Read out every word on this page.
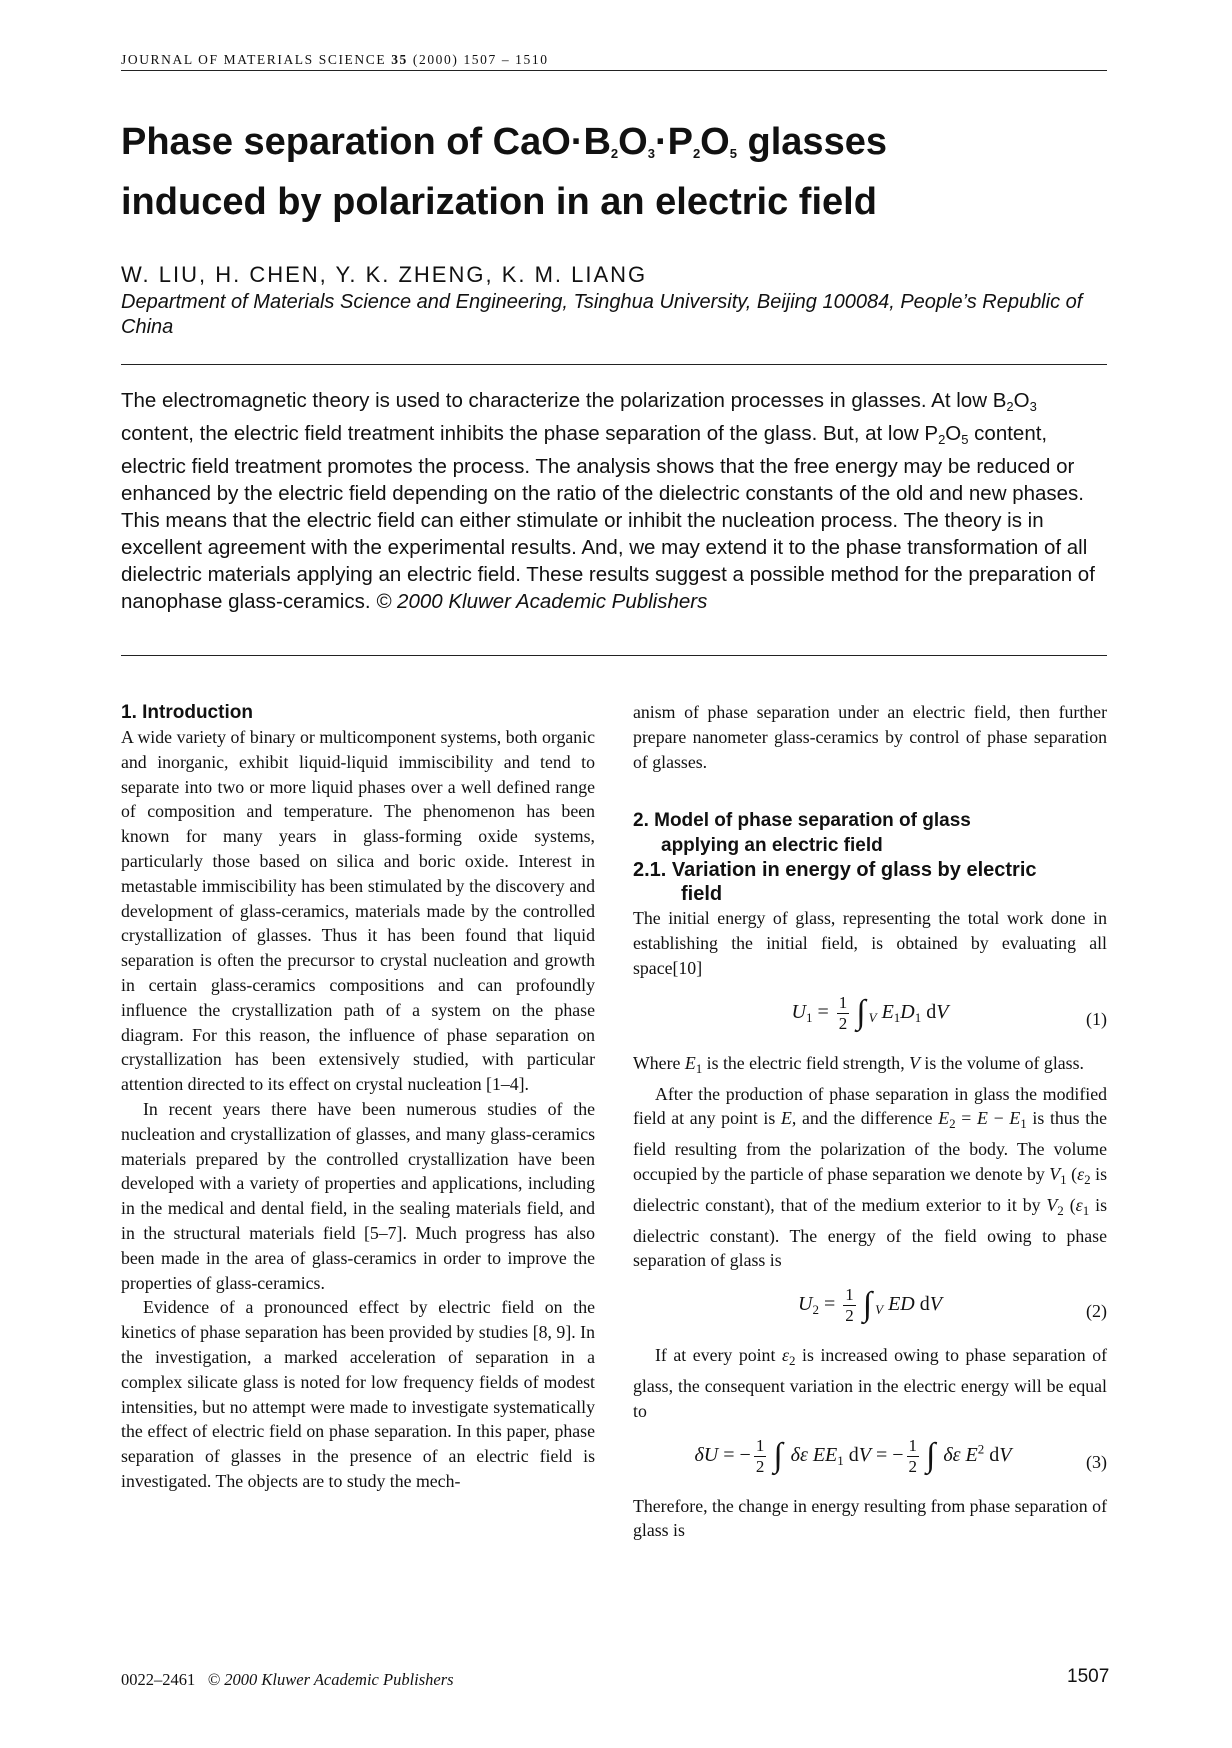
JOURNAL OF MATERIALS SCIENCE 35 (2000) 1507 – 1510
Phase separation of $CaO\cdot B_2O_3\cdot P_2O_5$ glasses
induced by polarization in an electric field
W. LIU, H. CHEN, Y. K. ZHENG, K. M. LIANG
Department of Materials Science and Engineering, Tsinghua University, Beijing 100084, People’s Republic of China

The electromagnetic theory is used to characterize the polarization processes in glasses. At low $B_2O_3$ content, the electric field treatment inhibits the phase separation of the glass. But, at low $P_2O_5$ content, electric field treatment promotes the process. The analysis shows that the free energy may be reduced or enhanced by the electric field depending on the ratio of the dielectric constants of the old and new phases. This means that the electric field can either stimulate or inhibit the nucleation process. The theory is in excellent agreement with the experimental results. And, we may extend it to the phase transformation of all dielectric materials applying an electric field. These results suggest a possible method for the preparation of nanophase glass-ceramics. © 2000 Kluwer Academic Publishers

1. Introduction

A wide variety of binary or multicomponent systems, both organic and inorganic, exhibit liquid-liquid immiscibility and tend to separate into two or more liquid phases over a well defined range of composition and temperature. The phenomenon has been known for many years in glass-forming oxide systems, particularly those based on silica and boric oxide. Interest in metastable immiscibility has been stimulated by the discovery and development of glass-ceramics, materials made by the controlled crystallization of glasses. Thus it has been found that liquid separation is often the precursor to crystal nucleation and growth in certain glass-ceramics compositions and can profoundly influence the crystallization path of a system on the phase diagram. For this reason, the influence of phase separation on crystallization has been extensively studied, with particular attention directed to its effect on crystal nucleation [1–4].

In recent years there have been numerous studies of the nucleation and crystallization of glasses, and many glass-ceramics materials prepared by the controlled crystallization have been developed with a variety of properties and applications, including in the medical and dental field, in the sealing materials field, and in the structural materials field [5–7]. Much progress has also been made in the area of glass-ceramics in order to improve the properties of glass-ceramics.

Evidence of a pronounced effect by electric field on the kinetics of phase separation has been provided by studies [8, 9]. In the investigation, a marked acceleration of separation in a complex silicate glass is noted for low frequency fields of modest intensities, but no attempt were made to investigate systematically the effect of electric field on phase separation. In this paper, phase separation of glasses in the presence of an electric field is investigated. The objects are to study the mech-

anism of phase separation under an electric field, then further prepare nanometer glass-ceramics by control of phase separation of glasses.

2. Model of phase separation of glass
applying an electric field
2.1. Variation in energy of glass by electric
field

The initial energy of glass, representing the total work done in establishing the initial field, is obtained by evaluating all space[10]

$U_1 = \frac{1}{2}$ ∫ $_V$ $E_1D_1$ dV	(1)

Where $E_1$ is the electric field strength, V is the volume of glass.

After the production of phase separation in glass the modified field at any point is E, and the difference $E_2 = E - E_1$ is thus the field resulting from the polarization of the body. The volume occupied by the particle of phase separation we denote by $V_1$ ($\varepsilon_2$ is dielectric constant), that of the medium exterior to it by $V_2$ ($\varepsilon_1$ is dielectric constant). The energy of the field owing to phase separation of glass is

$U_2 = \frac{1}{2}$ ∫ $_V$ ED dV	(2)

If at every point $\varepsilon_2$ is increased owing to phase separation of glass, the consequent variation in the electric energy will be equal to

δU = − $\frac{1}{2}$ ∫ δε $EE_1$ dV = − $\frac{1}{2}$ ∫ δε $E^2$ dV	(3)

Therefore, the change in energy resulting from phase separation of glass is

0022–2461 © 2000 Kluwer Academic Publishers	1507
